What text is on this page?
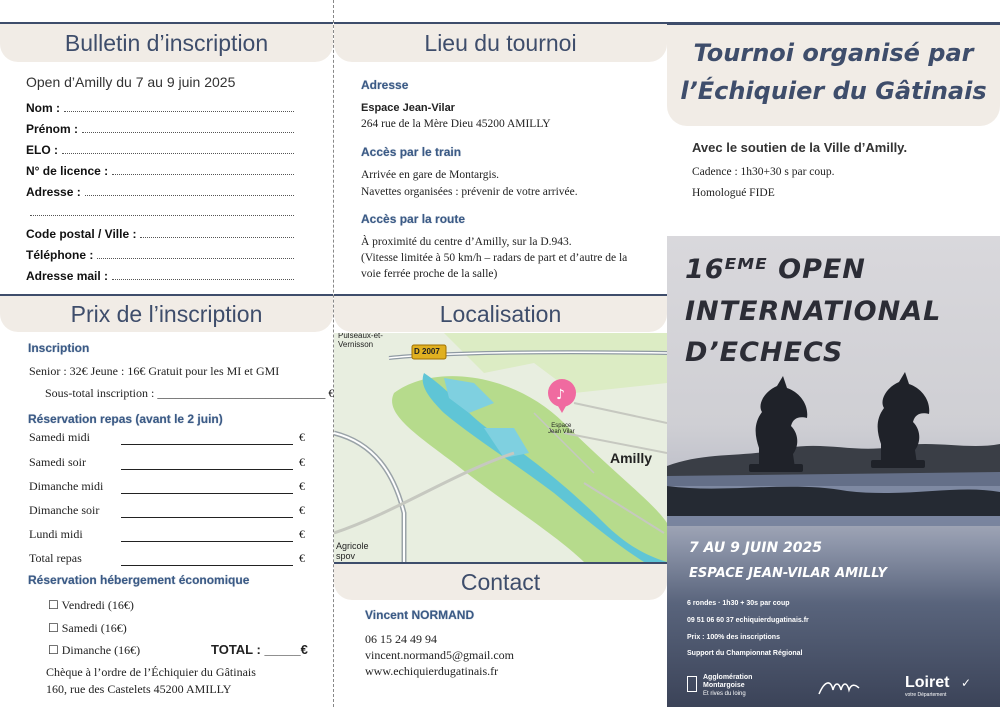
Bulletin d’inscription
Open d’Amilly du 7 au 9 juin 2025
Nom :
Prénom :
ELO :
N° de licence :
Adresse :
Code postal / Ville :
Téléphone :
Adresse mail :
Prix de l’inscription
Inscription
Senior : 32€ Jeune : 16€ Gratuit pour les MI et GMI
Sous-total inscription : ____________________________ €
Réservation repas (avant le 2 juin)
Samedi midi	€
Samedi soir	€
Dimanche midi	€
Dimanche soir	€
Lundi midi	€
Total repas	€
Réservation hébergement économique
☐ Vendredi (16€)
☐ Samedi (16€)
☐ Dimanche (16€)	TOTAL : _____€
Chèque à l’ordre de l’Échiquier du Gâtinais
160, rue des Castelets 45200 AMILLY
Lieu du tournoi
Adresse
Espace Jean-Vilar
264 rue de la Mère Dieu 45200 AMILLY
Accès par le train
Arrivée en gare de Montargis.
Navettes organisées : prévenir de votre arrivée.
Accès par la route
À proximité du centre d’Amilly, sur la D.943.
(Vitesse limitée à 50 km/h – radars de part et d’autre de la
voie ferrée proche de la salle)
Localisation
♪
Pulseaux-et-
Vernisson
D 2007
Espace
Jean Vilar
Amilly
Agricole
spov
Contact
Vincent NORMAND
06 15 24 49 94
vincent.normand5@gmail.com
www.echiquierdugatinais.fr
Tournoi organisé par
l’Échiquier du Gâtinais
Avec le soutien de la Ville d’Amilly.
Cadence : 1h30+30 s par coup.
Homologué FIDE
16ᴱᴹᴱ OPEN
INTERNATIONAL
D’ECHECS
7 AU 9 JUIN 2025
ESPACE JEAN-VILAR AMILLY
6 rondes · 1h30 + 30s par coup
09 51 06 60 37 echiquierdugatinais.fr
Prix : 100% des inscriptions
Support du Championnat Régional
Agglomération
Montargoise
Et rives du loing
Loiret
votre Département
✓
